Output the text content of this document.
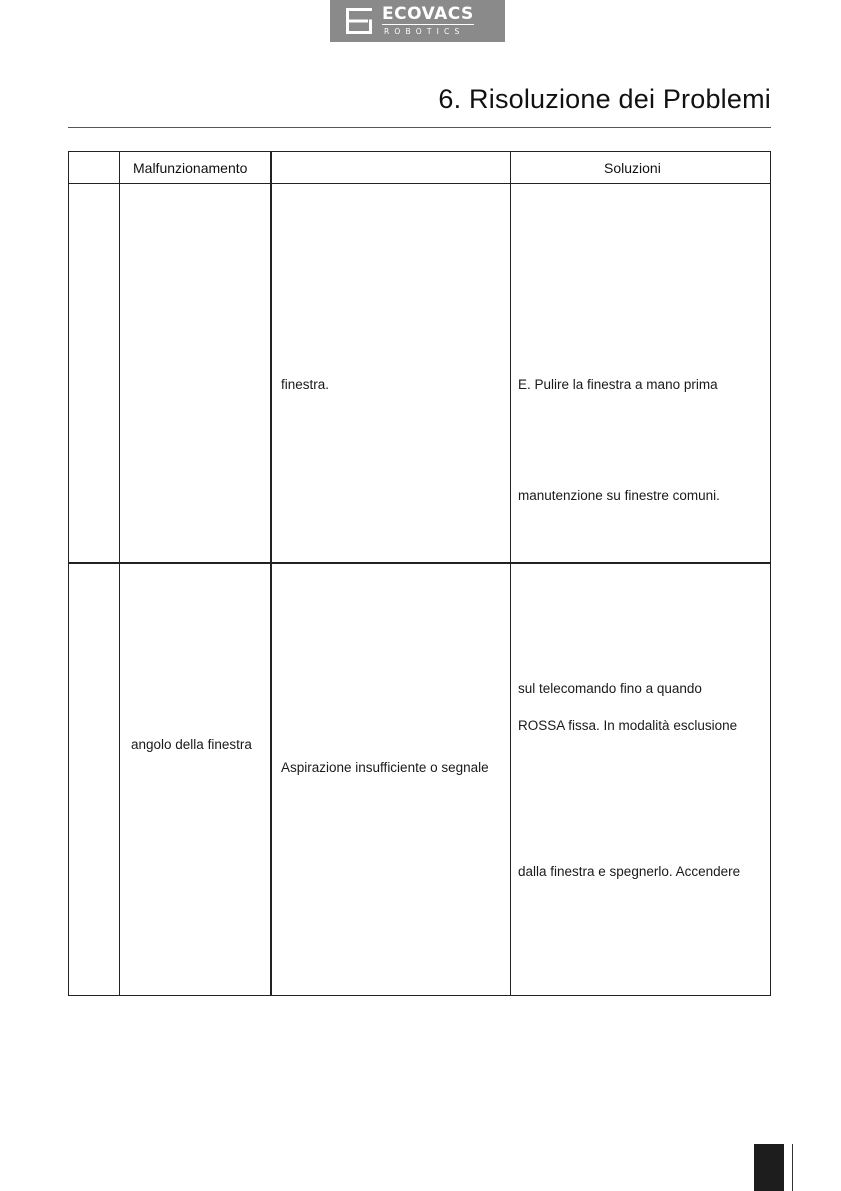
ECOVACS
ROBOTICS
6. Risoluzione dei Problemi
Malfunzionamento	Soluzioni
finestra.	E. Pulire la finestra a mano prima
manutenzione su finestre comuni.
angolo della finestra
Aspirazione insufficiente o segnale
sul telecomando fino a quando
ROSSA fissa. In modalità esclusione
dalla finestra e spegnerlo. Accendere
